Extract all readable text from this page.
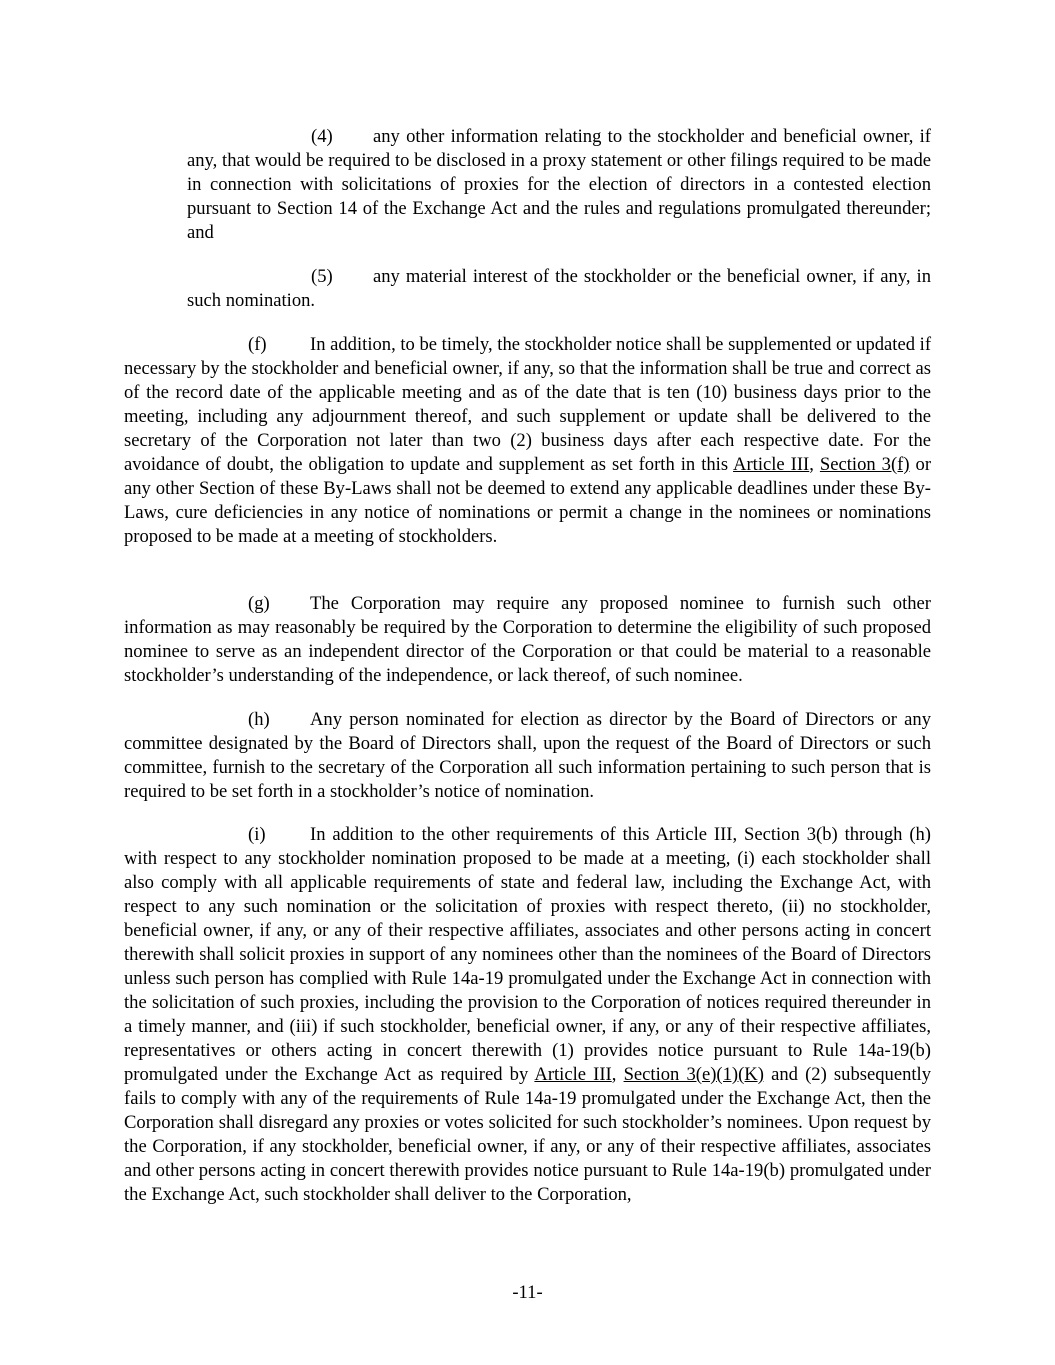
(4) any other information relating to the stockholder and beneficial owner, if any, that would be required to be disclosed in a proxy statement or other filings required to be made in connection with solicitations of proxies for the election of directors in a contested election pursuant to Section 14 of the Exchange Act and the rules and regulations promulgated thereunder; and

(5) any material interest of the stockholder or the beneficial owner, if any, in such nomination.

(f) In addition, to be timely, the stockholder notice shall be supplemented or updated if necessary by the stockholder and beneficial owner, if any, so that the information shall be true and correct as of the record date of the applicable meeting and as of the date that is ten (10) business days prior to the meeting, including any adjournment thereof, and such supplement or update shall be delivered to the secretary of the Corporation not later than two (2) business days after each respective date. For the avoidance of doubt, the obligation to update and supplement as set forth in this Article III, Section 3(f) or any other Section of these By-Laws shall not be deemed to extend any applicable deadlines under these By-Laws, cure deficiencies in any notice of nominations or permit a change in the nominees or nominations proposed to be made at a meeting of stockholders.

(g) The Corporation may require any proposed nominee to furnish such other information as may reasonably be required by the Corporation to determine the eligibility of such proposed nominee to serve as an independent director of the Corporation or that could be material to a reasonable stockholder’s understanding of the independence, or lack thereof, of such nominee.

(h) Any person nominated for election as director by the Board of Directors or any committee designated by the Board of Directors shall, upon the request of the Board of Directors or such committee, furnish to the secretary of the Corporation all such information pertaining to such person that is required to be set forth in a stockholder’s notice of nomination.

(i) In addition to the other requirements of this Article III, Section 3(b) through (h) with respect to any stockholder nomination proposed to be made at a meeting, (i) each stockholder shall also comply with all applicable requirements of state and federal law, including the Exchange Act, with respect to any such nomination or the solicitation of proxies with respect thereto, (ii) no stockholder, beneficial owner, if any, or any of their respective affiliates, associates and other persons acting in concert therewith shall solicit proxies in support of any nominees other than the nominees of the Board of Directors unless such person has complied with Rule 14a-19 promulgated under the Exchange Act in connection with the solicitation of such proxies, including the provision to the Corporation of notices required thereunder in a timely manner, and (iii) if such stockholder, beneficial owner, if any, or any of their respective affiliates, representatives or others acting in concert therewith (1) provides notice pursuant to Rule 14a-19(b) promulgated under the Exchange Act as required by Article III, Section 3(e)(1)(K) and (2) subsequently fails to comply with any of the requirements of Rule 14a-19 promulgated under the Exchange Act, then the Corporation shall disregard any proxies or votes solicited for such stockholder’s nominees. Upon request by the Corporation, if any stockholder, beneficial owner, if any, or any of their respective affiliates, associates and other persons acting in concert therewith provides notice pursuant to Rule 14a-19(b) promulgated under the Exchange Act, such stockholder shall deliver to the Corporation,

-11-
